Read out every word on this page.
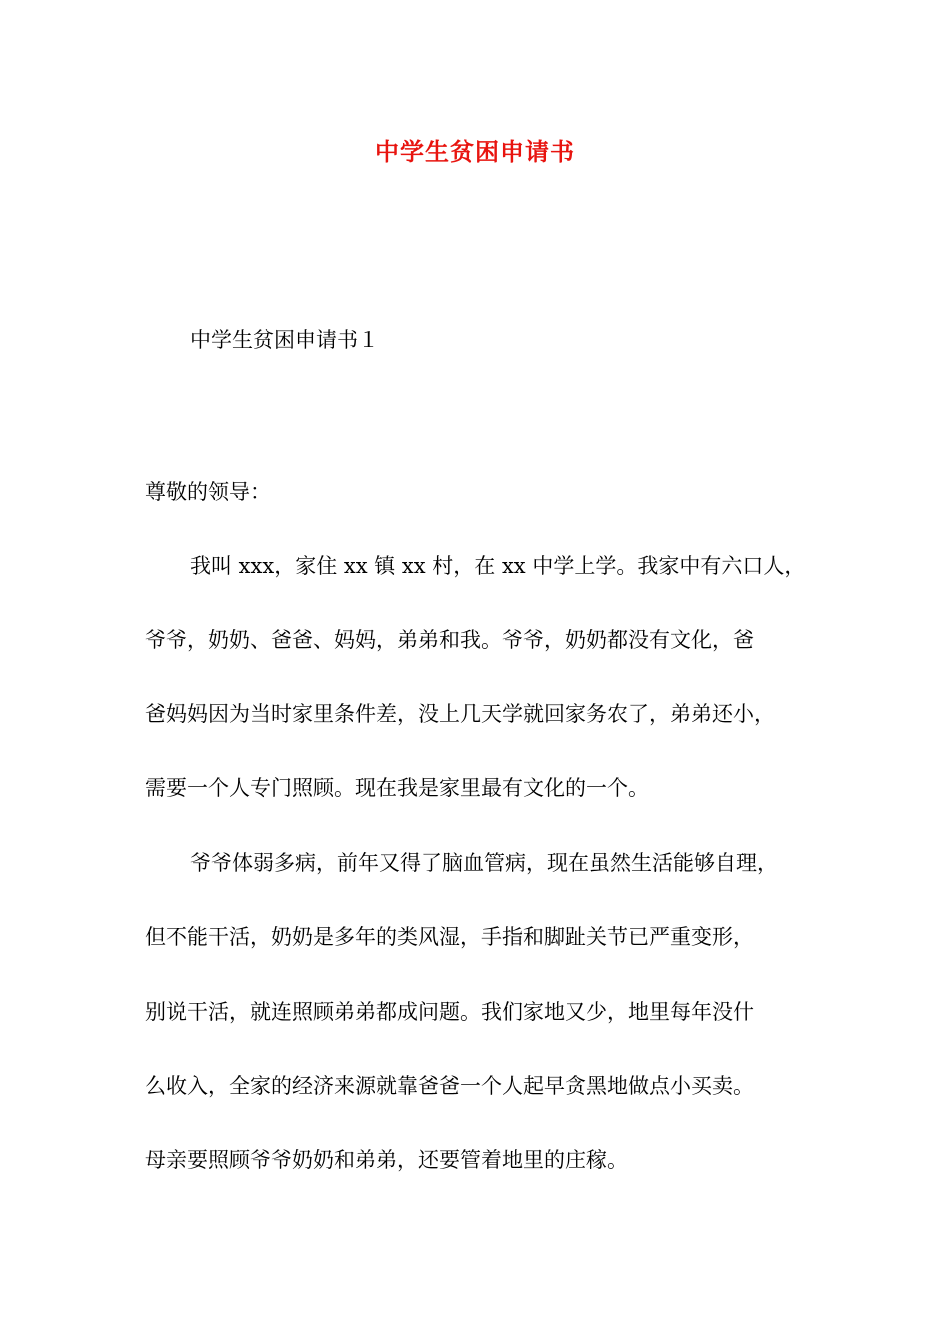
中学生贫困申请书
中学生贫困申请书１
尊敬的领导：
我叫 xxx，家住 xx 镇 xx 村，在 xx 中学上学。我家中有六口人，
爷爷，奶奶、爸爸、妈妈，弟弟和我。爷爷，奶奶都没有文化，爸
爸妈妈因为当时家里条件差，没上几天学就回家务农了，弟弟还小，
需要一个人专门照顾。现在我是家里最有文化的一个。
爷爷体弱多病，前年又得了脑血管病，现在虽然生活能够自理，
但不能干活，奶奶是多年的类风湿，手指和脚趾关节已严重变形，
别说干活，就连照顾弟弟都成问题。我们家地又少，地里每年没什
么收入，全家的经济来源就靠爸爸一个人起早贪黑地做点小买卖。
母亲要照顾爷爷奶奶和弟弟，还要管着地里的庄稼。
